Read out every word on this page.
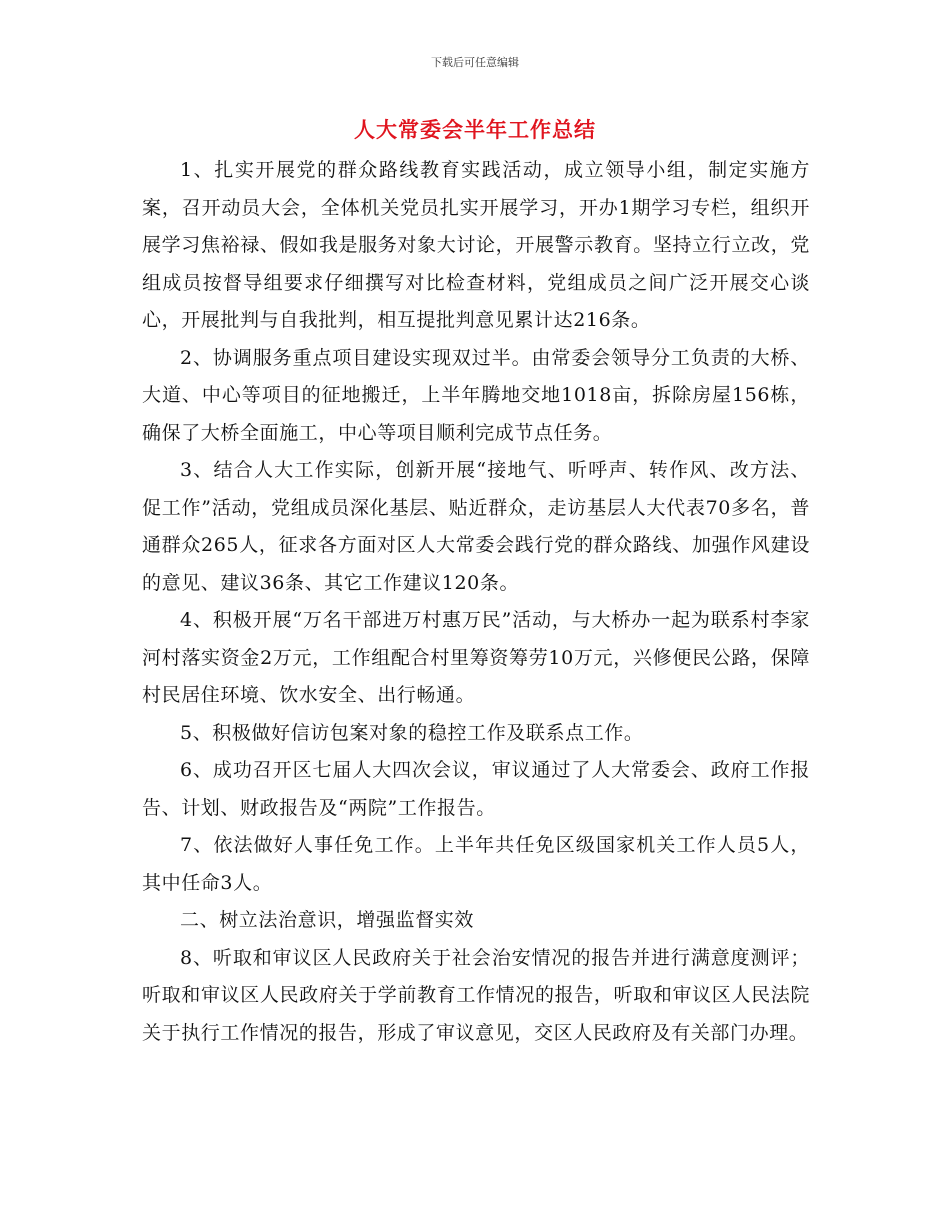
下载后可任意编辑
人大常委会半年工作总结

1、扎实开展党的群众路线教育实践活动，成立领导小组，制定实施方案，召开动员大会，全体机关党员扎实开展学习，开办1期学习专栏，组织开展学习焦裕禄、假如我是服务对象大讨论，开展警示教育。坚持立行立改，党组成员按督导组要求仔细撰写对比检查材料，党组成员之间广泛开展交心谈心，开展批判与自我批判，相互提批判意见累计达216条。

2、协调服务重点项目建设实现双过半。由常委会领导分工负责的大桥、大道、中心等项目的征地搬迁，上半年腾地交地1018亩，拆除房屋156栋，确保了大桥全面施工，中心等项目顺利完成节点任务。

3、结合人大工作实际，创新开展“接地气、听呼声、转作风、改方法、促工作”活动，党组成员深化基层、贴近群众，走访基层人大代表70多名，普通群众265人，征求各方面对区人大常委会践行党的群众路线、加强作风建设的意见、建议36条、其它工作建议120条。

4、积极开展“万名干部进万村惠万民”活动，与大桥办一起为联系村李家河村落实资金2万元，工作组配合村里筹资筹劳10万元，兴修便民公路，保障村民居住环境、饮水安全、出行畅通。

5、积极做好信访包案对象的稳控工作及联系点工作。

6、成功召开区七届人大四次会议，审议通过了人大常委会、政府工作报告、计划、财政报告及“两院”工作报告。

7、依法做好人事任免工作。上半年共任免区级国家机关工作人员5人，其中任命3人。

二、树立法治意识，增强监督实效

8、听取和审议区人民政府关于社会治安情况的报告并进行满意度测评；听取和审议区人民政府关于学前教育工作情况的报告，听取和审议区人民法院关于执行工作情况的报告，形成了审议意见，交区人民政府及有关部门办理。
